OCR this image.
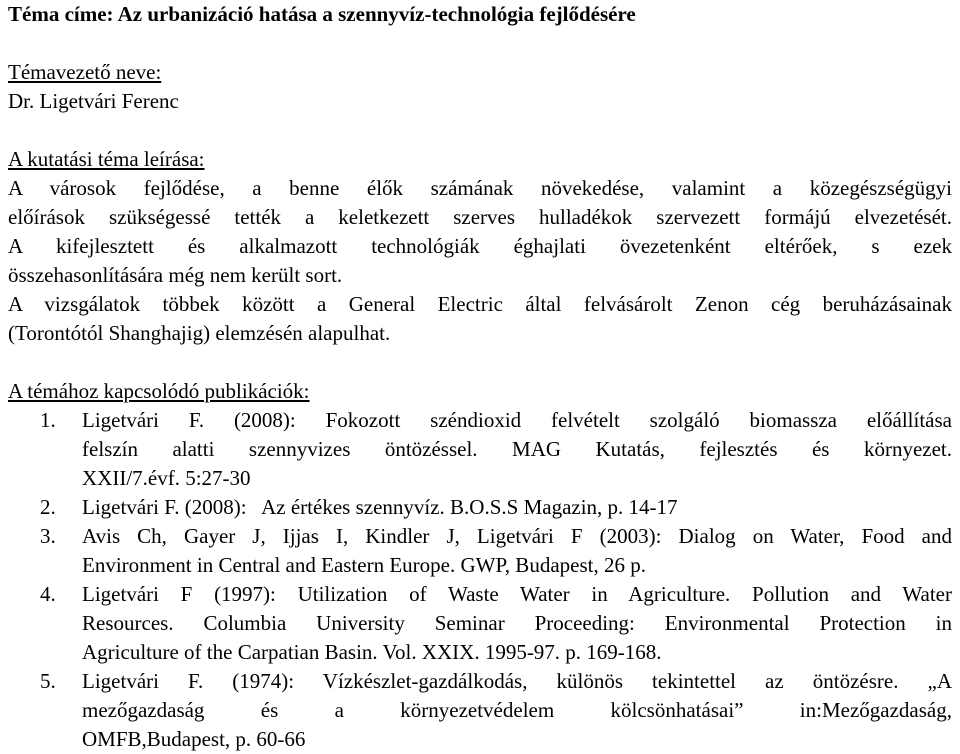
Téma címe: Az urbanizáció hatása a szennyvíz-technológia fejlődésére

Témavezető neve:

Dr. Ligetvári Ferenc

A kutatási téma leírása:

A városok fejlődése, a benne élők számának növekedése, valamint a közegészségügyi

előírások szükségessé tették a keletkezett szerves hulladékok szervezett formájú elvezetését.

A kifejlesztett és alkalmazott technológiák éghajlati övezetenként eltérőek, s ezek

összehasonlítására még nem került sort.

A vizsgálatok többek között a General Electric által felvásárolt Zenon cég beruházásainak

(Torontótól Shanghajig) elemzésén alapulhat.

A témához kapcsolódó publikációk:

1.	Ligetvári F. (2008): Fokozott széndioxid felvételt szolgáló biomassza előállítása
felszín alatti szennyvizes öntözéssel. MAG Kutatás, fejlesztés és környezet.
XXII/7.évf. 5:27-30
2.	Ligetvári F. (2008):   Az értékes szennyvíz. B.O.S.S Magazin, p. 14-17
3.	Avis Ch, Gayer J, Ijjas I, Kindler J, Ligetvári F (2003): Dialog on Water, Food and
Environment in Central and Eastern Europe. GWP, Budapest, 26 p.
4.	Ligetvári F (1997): Utilization of Waste Water in Agriculture. Pollution and Water
Resources. Columbia University Seminar Proceeding: Environmental Protection in
Agriculture of the Carpatian Basin. Vol. XXIX. 1995-97. p. 169-168.
5.	Ligetvári F. (1974): Vízkészlet-gazdálkodás, különös tekintettel az öntözésre. „A
mezőgazdaság és a környezetvédelem kölcsönhatásai” in:Mezőgazdaság,
OMFB,Budapest, p. 60-66
